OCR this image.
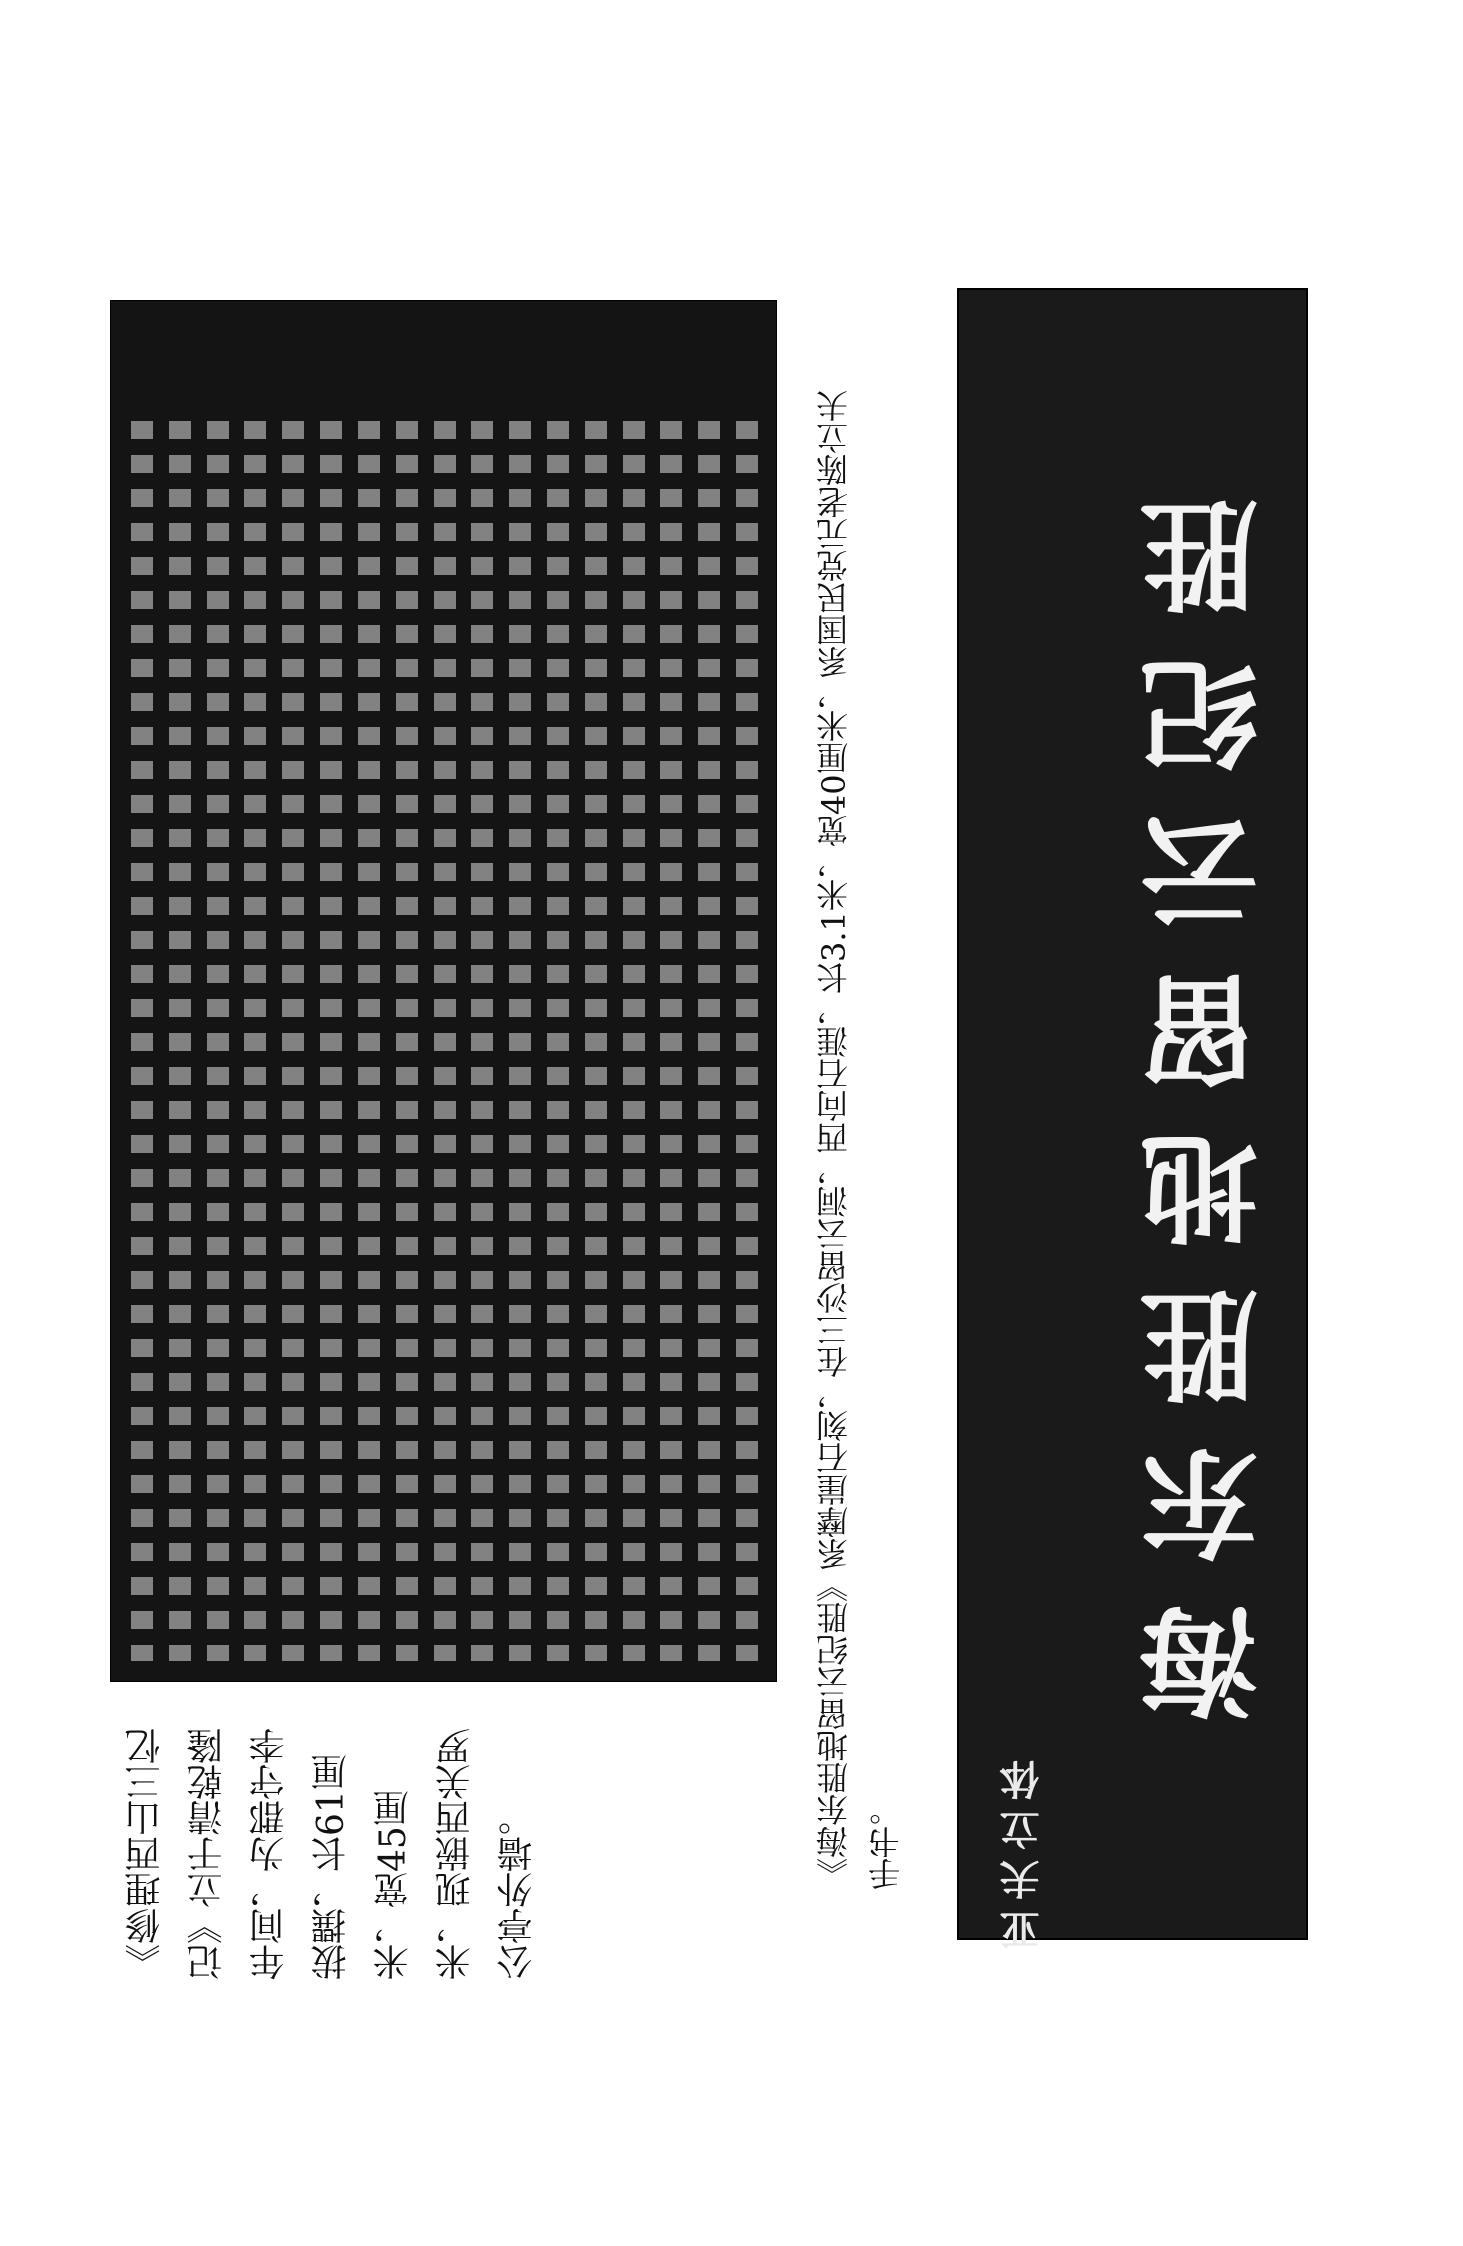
海东胜地留云纪胜
亚夫立体
《海东胜地留云纪胜》系摩崖石刻，在三沙留云洞，西向石涯，长3.1米，宽40厘米，系国民党元老陈立夫手书。
《修理西山三忆记》立于清乾隆年间，为郡守李拔撰，长61厘米，宽45厘米，现嵌西关罗公亭外墙。
